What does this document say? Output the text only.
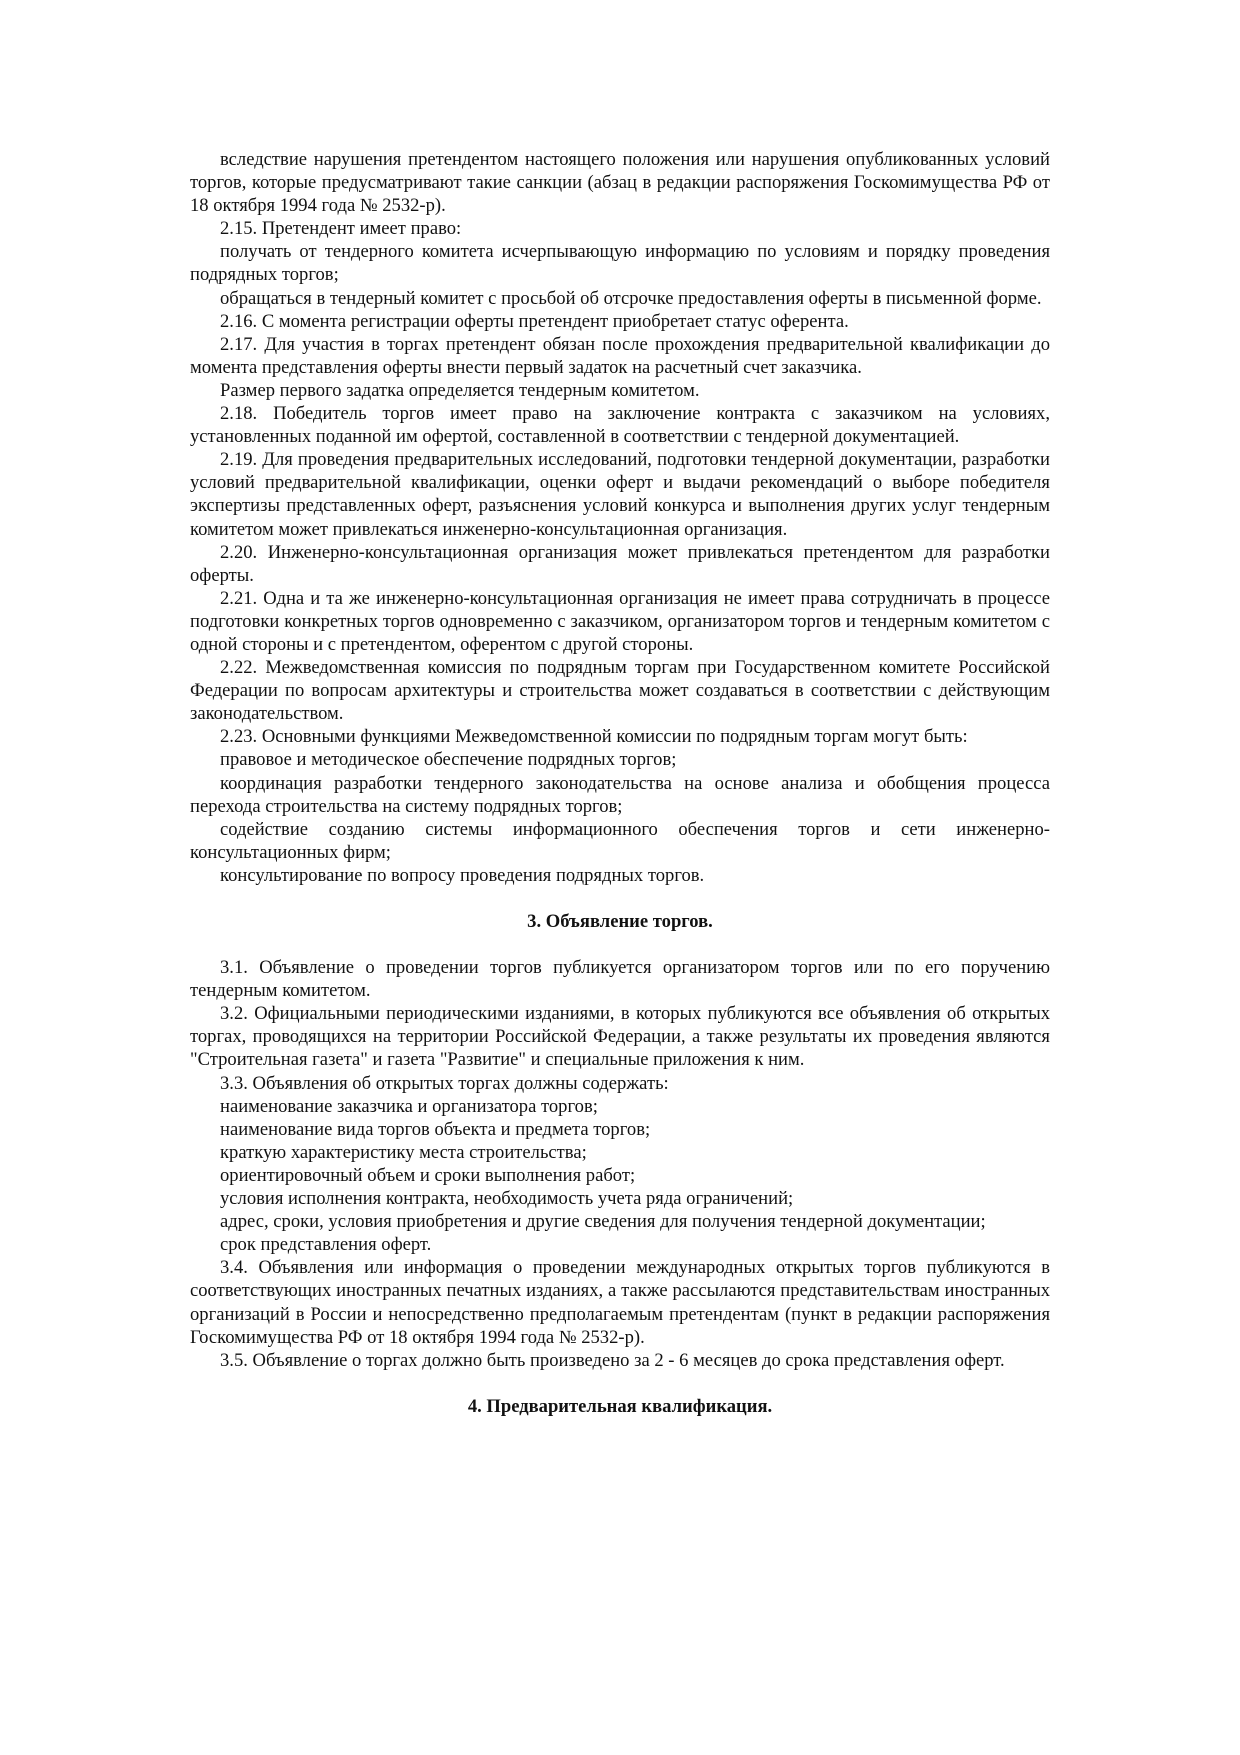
вследствие нарушения претендентом настоящего положения или нарушения опубликованных условий торгов, которые предусматривают такие санкции (абзац в редакции распоряжения Госкомимущества РФ от 18 октября 1994 года № 2532-р).

2.15. Претендент имеет право:

получать от тендерного комитета исчерпывающую информацию по условиям и порядку проведения подрядных торгов;

обращаться в тендерный комитет с просьбой об отсрочке предоставления оферты в письменной форме.

2.16. С момента регистрации оферты претендент приобретает статус оферента.

2.17. Для участия в торгах претендент обязан после прохождения предварительной квалификации до момента представления оферты внести первый задаток на расчетный счет заказчика.

Размер первого задатка определяется тендерным комитетом.

2.18. Победитель торгов имеет право на заключение контракта с заказчиком на условиях, установленных поданной им офертой, составленной в соответствии с тендерной документацией.

2.19. Для проведения предварительных исследований, подготовки тендерной документации, разработки условий предварительной квалификации, оценки оферт и выдачи рекомендаций о выборе победителя экспертизы представленных оферт, разъяснения условий конкурса и выполнения других услуг тендерным комитетом может привлекаться инженерно-консультационная организация.

2.20. Инженерно-консультационная организация может привлекаться претендентом для разработки оферты.

2.21. Одна и та же инженерно-консультационная организация не имеет права сотрудничать в процессе подготовки конкретных торгов одновременно с заказчиком, организатором торгов и тендерным комитетом с одной стороны и с претендентом, оферентом с другой стороны.

2.22. Межведомственная комиссия по подрядным торгам при Государственном комитете Российской Федерации по вопросам архитектуры и строительства может создаваться в соответствии с действующим законодательством.

2.23. Основными функциями Межведомственной комиссии по подрядным торгам могут быть:

правовое и методическое обеспечение подрядных торгов;

координация разработки тендерного законодательства на основе анализа и обобщения процесса перехода строительства на систему подрядных торгов;

содействие созданию системы информационного обеспечения торгов и сети инженерно-консультационных фирм;

консультирование по вопросу проведения подрядных торгов.

3. Объявление торгов.

3.1. Объявление о проведении торгов публикуется организатором торгов или по его поручению тендерным комитетом.

3.2. Официальными периодическими изданиями, в которых публикуются все объявления об открытых торгах, проводящихся на территории Российской Федерации, а также результаты их проведения являются "Строительная газета" и газета "Развитие" и специальные приложения к ним.

3.3. Объявления об открытых торгах должны содержать:

наименование заказчика и организатора торгов;

наименование вида торгов объекта и предмета торгов;

краткую характеристику места строительства;

ориентировочный объем и сроки выполнения работ;

условия исполнения контракта, необходимость учета ряда ограничений;

адрес, сроки, условия приобретения и другие сведения для получения тендерной документации;

срок представления оферт.

3.4. Объявления или информация о проведении международных открытых торгов публикуются в соответствующих иностранных печатных изданиях, а также рассылаются представительствам иностранных организаций в России и непосредственно предполагаемым претендентам (пункт в редакции распоряжения Госкомимущества РФ от 18 октября 1994 года № 2532-р).

3.5. Объявление о торгах должно быть произведено за 2 - 6 месяцев до срока представления оферт.

4. Предварительная квалификация.
